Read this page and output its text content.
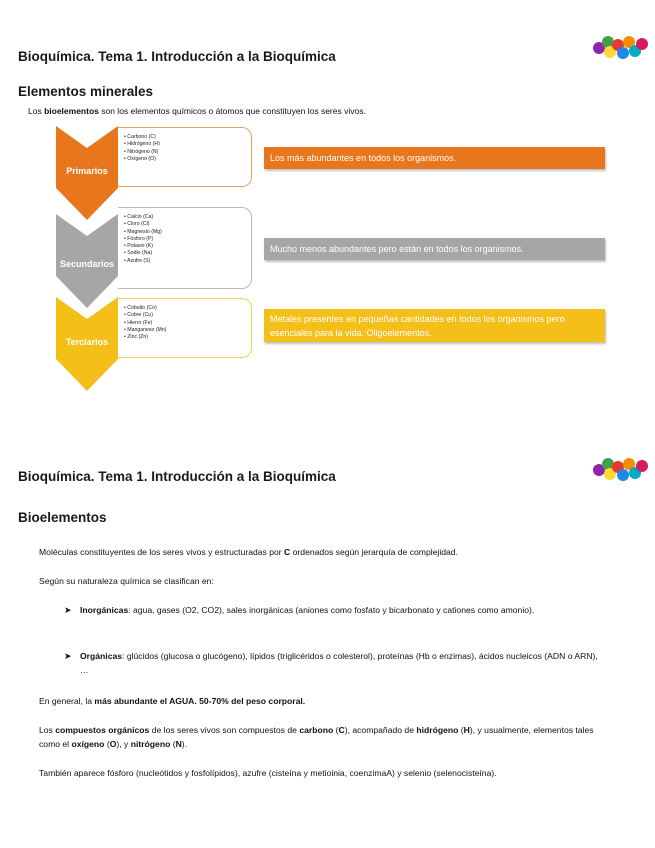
Bioquímica. Tema 1. Introducción a la Bioquímica
Elementos minerales
Los bioelementos son los elementos químicos o átomos que constituyen los seres vivos.
Primarios
• Carbono (C)
• Hidrógeno (H)
• Nitrógeno (N)
• Oxígeno (O)	Los más abundantes en todos los organismos.
Secundarios
• Calcio (Ca)
• Cloro (Cl)
• Magnesio (Mg)
• Fósforo (P)
• Potasio (K)
• Sodio (Na)
• Azufre (S)
Mucho menos abundantes pero están en todos los organismos.
Terciarios
• Cobalto (Co)
• Cobre (Cu)
• Hierro (Fe)
• Manganeso (Mn)
• Zinc (Zn)
Metales presentes en pequeñas cantidades en todos los organismos pero esenciales para la vida. Oligoelementos.
Bioquímica. Tema 1. Introducción a la Bioquímica
Bioelementos
Moléculas constituyentes de los seres vivos y estructuradas por C ordenados según jerarquía de complejidad.
Según su naturaleza química se clasifican en:
➤ Inorgánicas: agua, gases (O2, CO2), sales inorgánicas (aniones como fosfato y bicarbonato y cationes como amonio).
➤ Orgánicas: glúcidos (glucosa o glucógeno), lípidos (triglicéridos o colesterol), proteínas (Hb o enzimas), ácidos nucleicos (ADN o ARN), …
En general, la más abundante el AGUA. 50-70% del peso corporal.
Los compuestos orgánicos de los seres vivos son compuestos de carbono (C), acompañado de hidrógeno (H), y usualmente, elementos tales como el oxígeno (O), y nitrógeno (N).
También aparece fósforo (nucleótidos y fosfolípidos), azufre (cisteína y metioinia, coenzimaA) y selenio (selenocisteína).
